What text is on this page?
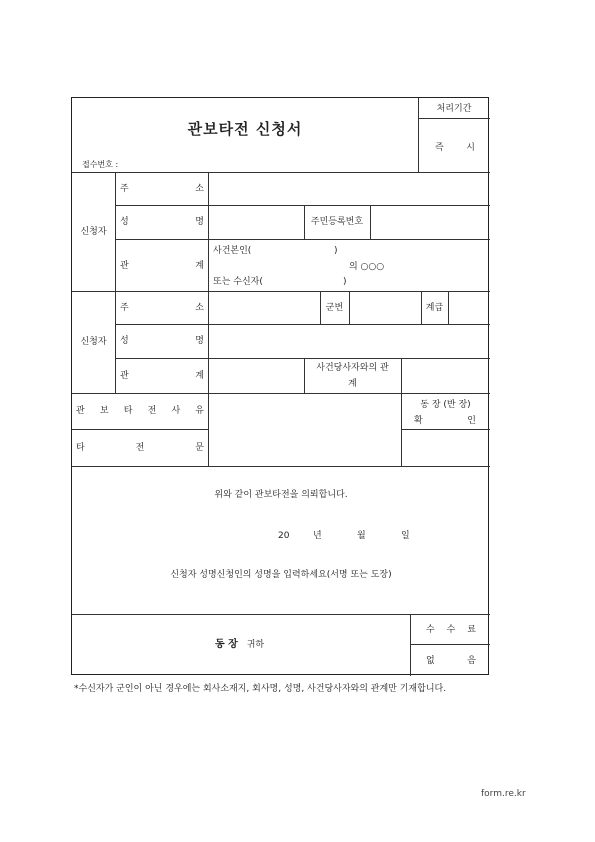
관보타전 신청서
처리기간
즉	시
접수번호 :
신청자
주	소
성	명	주민등록번호
관	계
사건본인(	)
의 ○○○
또는 수신자(	)
신청자
주	소	군번	계급
성	명
관	계
사건당사자와의 관
계
관 보 타 전 사 유
동 장 (반 장)
확	인
타	전	문
위와 같이 관보타전을 의뢰합니다.
20	년	월	일
신청자 성명신청인의 성명을 입력하세요(서명 또는 도장)
동 장 귀하
수 수 료
없	음
*수신자가 군인이 아닌 경우에는 회사소재지, 회사명, 성명, 사건당사자와의 관계만 기재합니다.
form.re.kr
